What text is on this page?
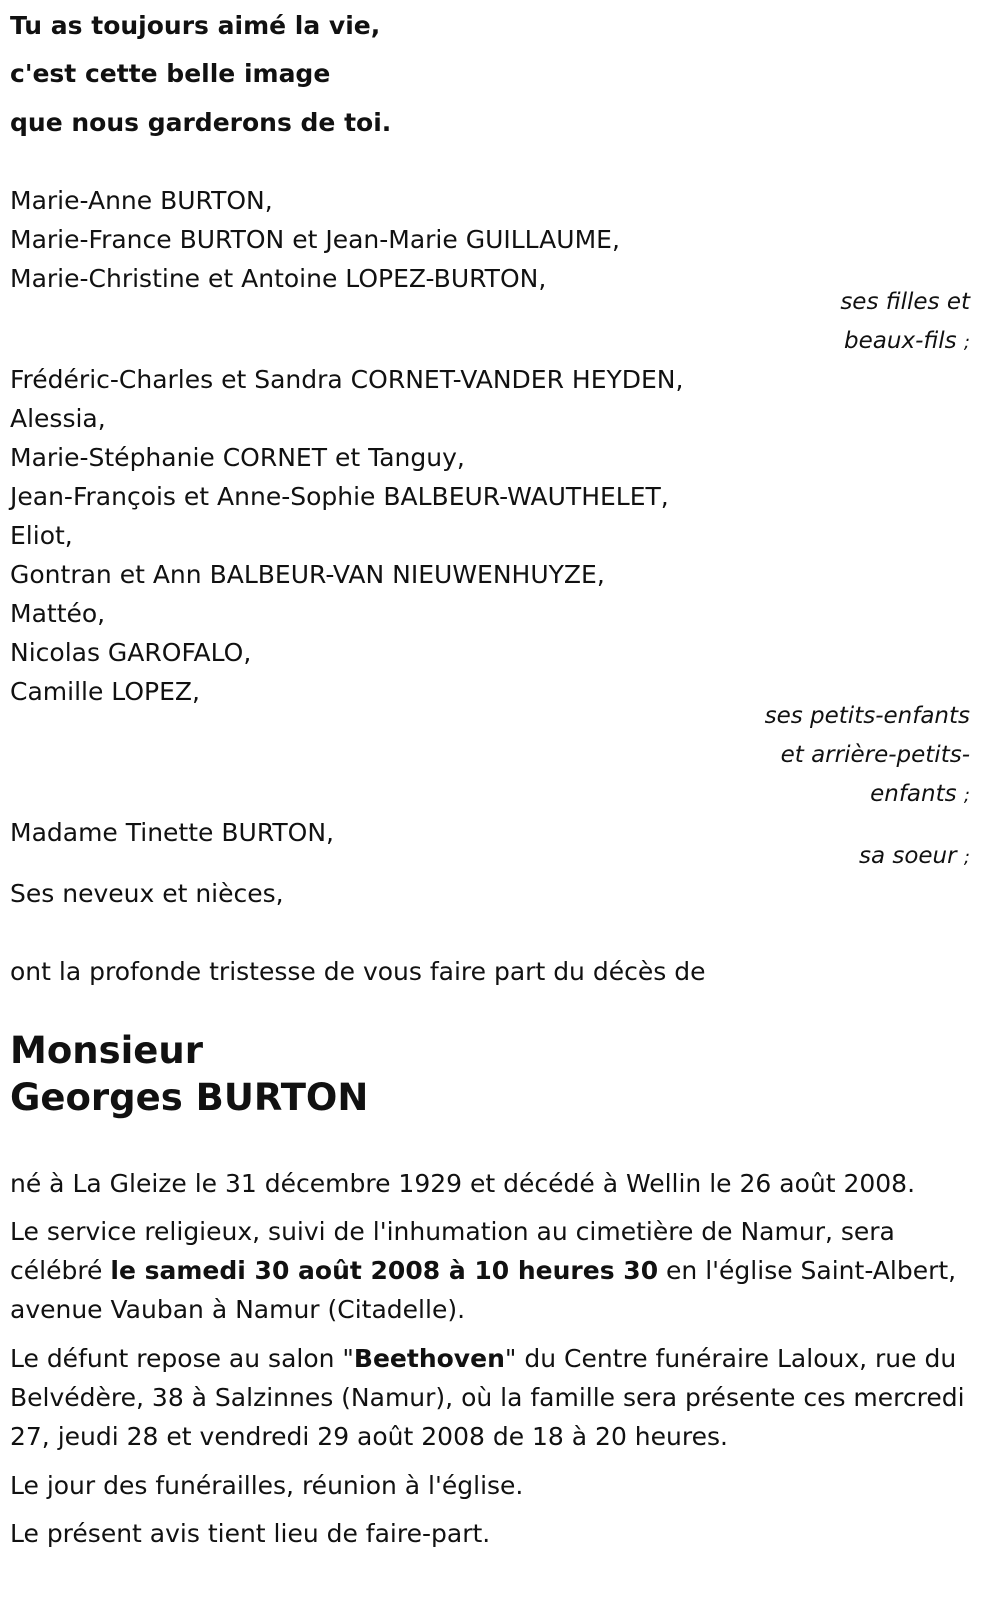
Tu as toujours aimé la vie,
c'est cette belle image
que nous garderons de toi.
Marie-Anne BURTON,
Marie-France BURTON et Jean-Marie GUILLAUME,
Marie-Christine et Antoine LOPEZ-BURTON,
ses filles et
beaux-fils ;
Frédéric-Charles et Sandra CORNET-VANDER HEYDEN,
Alessia,
Marie-Stéphanie CORNET et Tanguy,
Jean-François et Anne-Sophie BALBEUR-WAUTHELET,
Eliot,
Gontran et Ann BALBEUR-VAN NIEUWENHUYZE,
Mattéo,
Nicolas GAROFALO,
Camille LOPEZ,
ses petits-enfants
et arrière-petits-
enfants ;
Madame Tinette BURTON,
sa soeur ;
Ses neveux et nièces,
ont la profonde tristesse de vous faire part du décès de
Monsieur
Georges BURTON
né à La Gleize le 31 décembre 1929 et décédé à Wellin le 26 août 2008.
Le service religieux, suivi de l'inhumation au cimetière de Namur, sera célébré le samedi 30 août 2008 à 10 heures 30 en l'église Saint-Albert, avenue Vauban à Namur (Citadelle).
Le défunt repose au salon "Beethoven" du Centre funéraire Laloux, rue du Belvédère, 38 à Salzinnes (Namur), où la famille sera présente ces mercredi 27, jeudi 28 et vendredi 29 août 2008 de 18 à 20 heures.
Le jour des funérailles, réunion à l'église.
Le présent avis tient lieu de faire-part.
